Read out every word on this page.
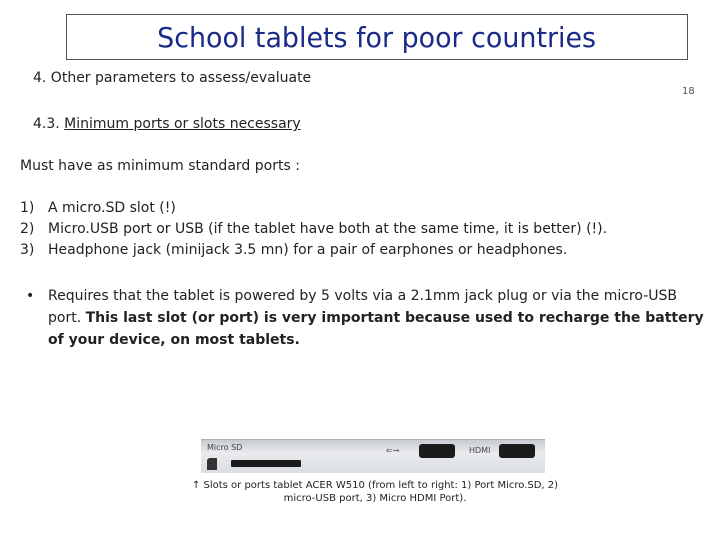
School tablets for poor countries
4. Other parameters to assess/evaluate
18
4.3. Minimum ports or slots necessary
Must have as minimum standard ports :
1) A micro.SD slot (!)
2) Micro.USB port or USB (if the tablet have both at the same time, it is better) (!).
3) Headphone jack (minijack 3.5 mn) for a pair of earphones or headphones.
• Requires that the tablet is powered by 5 volts via a 2.1mm jack plug or via the micro-USB port. This last slot (or port) is very important because used to recharge the battery of your device, on most tablets.
Micro SD	⇐⊸	HDMI
↑ Slots or ports tablet ACER W510 (from left to right: 1) Port Micro.SD, 2) micro-USB port, 3) Micro HDMI Port).
